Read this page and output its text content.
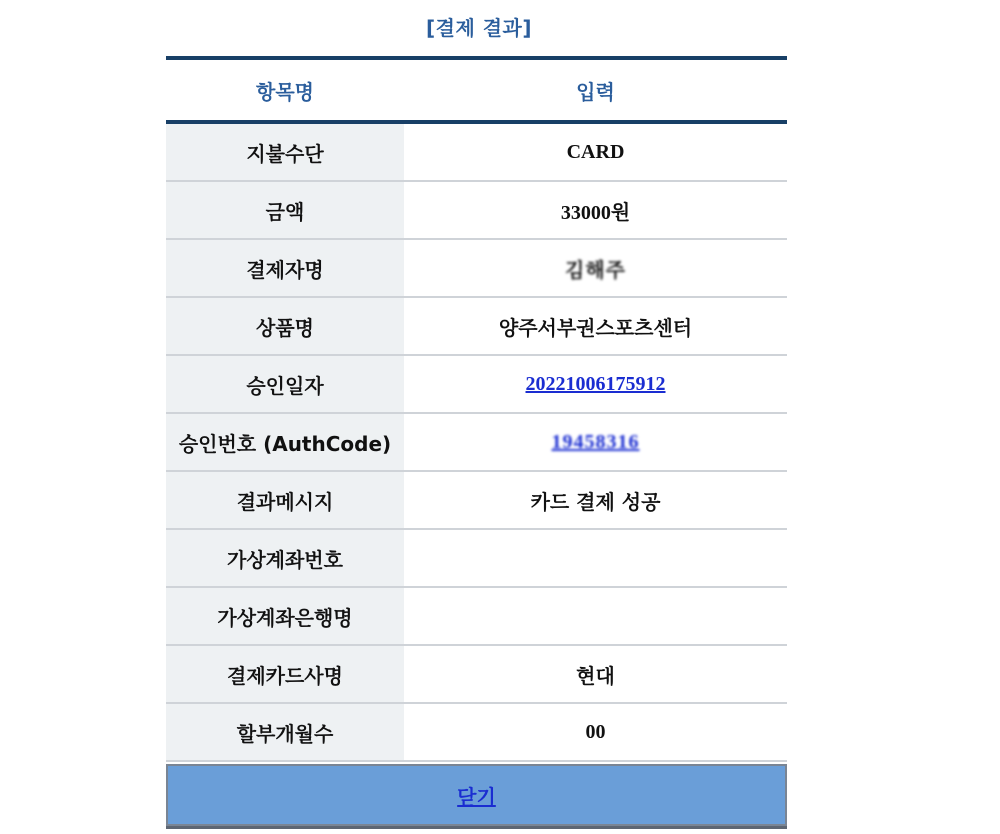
[결제 결과]
항목명	입력
지불수단	CARD
금액	33000원
결제자명	김해주
상품명	양주서부권스포츠센터
승인일자	20221006175912
승인번호 (AuthCode)	19458316
결과메시지	카드 결제 성공
가상계좌번호	
가상계좌은행명	
결제카드사명	현대
할부개월수	00
닫기
